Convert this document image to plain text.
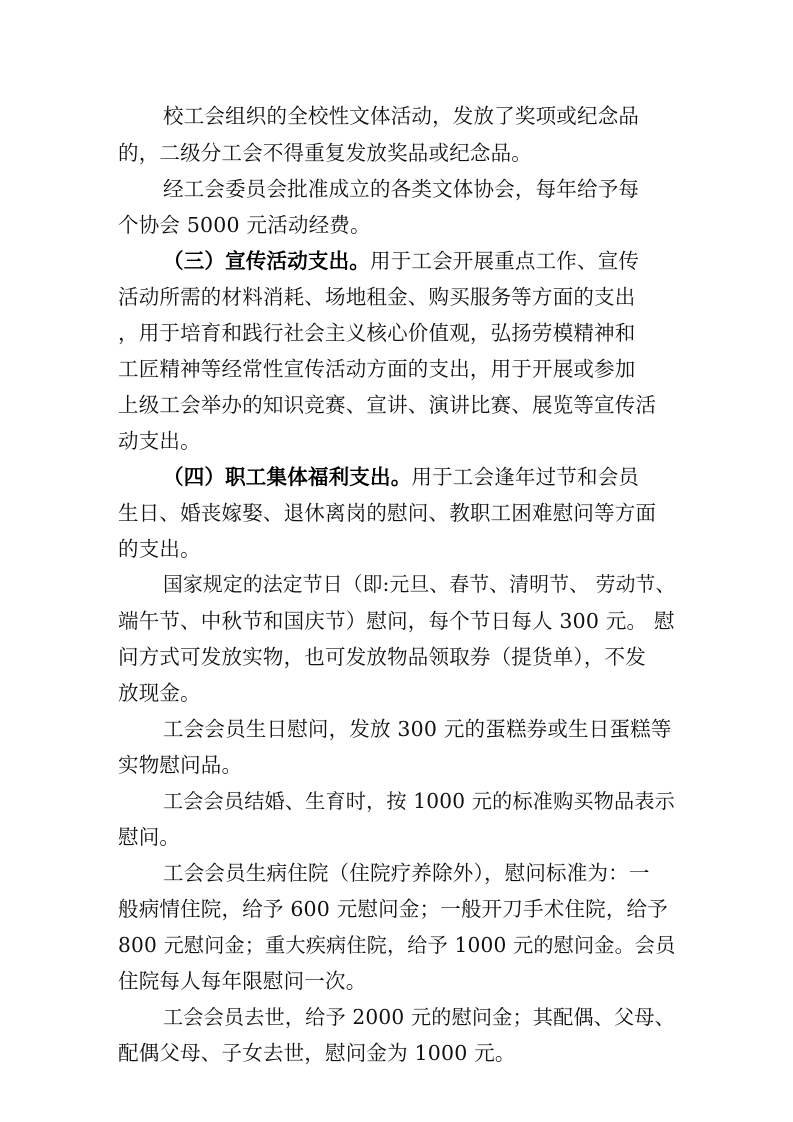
校工会组织的全校性文体活动，发放了奖项或纪念品
的，二级分工会不得重复发放奖品或纪念品。
经工会委员会批准成立的各类文体协会，每年给予每
个协会 5000 元活动经费。
（三）宣传活动支出。用于工会开展重点工作、宣传
活动所需的材料消耗、场地租金、购买服务等方面的支出
，用于培育和践行社会主义核心价值观，弘扬劳模精神和
工匠精神等经常性宣传活动方面的支出，用于开展或参加
上级工会举办的知识竞赛、宣讲、演讲比赛、展览等宣传活
动支出。
（四）职工集体福利支出。用于工会逢年过节和会员
生日、婚丧嫁娶、退休离岗的慰问、教职工困难慰问等方面
的支出。
国家规定的法定节日（即:元旦、春节、清明节、 劳动节、
端午节、中秋节和国庆节）慰问，每个节日每人 300 元。 慰
问方式可发放实物，也可发放物品领取券（提货单），不发
放现金。
工会会员生日慰问，发放 300 元的蛋糕券或生日蛋糕等
实物慰问品。
工会会员结婚、生育时，按 1000 元的标准购买物品表示
慰问。
工会会员生病住院（住院疗养除外），慰问标准为：一
般病情住院，给予 600 元慰问金；一般开刀手术住院，给予
800 元慰问金；重大疾病住院，给予 1000 元的慰问金。会员
住院每人每年限慰问一次。
工会会员去世，给予 2000 元的慰问金；其配偶、父母、
配偶父母、子女去世，慰问金为 1000 元。
